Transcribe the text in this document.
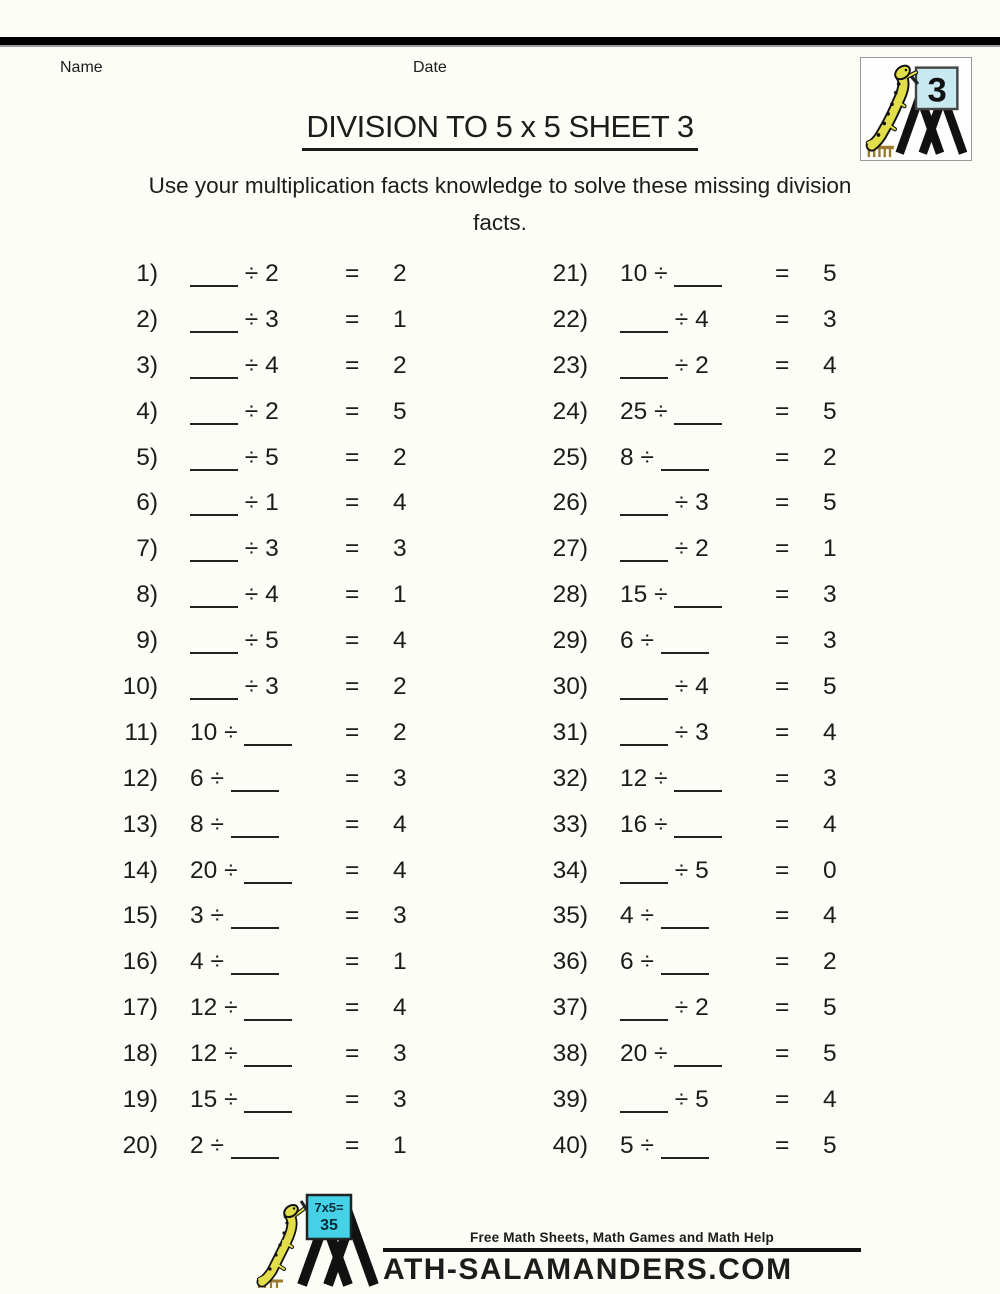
Name	Date
3
DIVISION TO 5 x 5 SHEET 3
Use your multiplication facts knowledge to solve these missing division
facts.
1)	÷ 2	=	2
2)	÷ 3	=	1
3)	÷ 4	=	2
4)	÷ 2	=	5
5)	÷ 5	=	2
6)	÷ 1	=	4
7)	÷ 3	=	3
8)	÷ 4	=	1
9)	÷ 5	=	4
10)	÷ 3	=	2
11)	10 ÷	=	2
12)	6 ÷	=	3
13)	8 ÷	=	4
14)	20 ÷	=	4
15)	3 ÷	=	3
16)	4 ÷	=	1
17)	12 ÷	=	4
18)	12 ÷	=	3
19)	15 ÷	=	3
20)	2 ÷	=	1
21)	10 ÷	=	5
22)	÷ 4	=	3
23)	÷ 2	=	4
24)	25 ÷	=	5
25)	8 ÷	=	2
26)	÷ 3	=	5
27)	÷ 2	=	1
28)	15 ÷	=	3
29)	6 ÷	=	3
30)	÷ 4	=	5
31)	÷ 3	=	4
32)	12 ÷	=	3
33)	16 ÷	=	4
34)	÷ 5	=	0
35)	4 ÷	=	4
36)	6 ÷	=	2
37)	÷ 2	=	5
38)	20 ÷	=	5
39)	÷ 5	=	4
40)	5 ÷	=	5
7x5=
35
Free Math Sheets, Math Games and Math Help
ATH-SALAMANDERS.COM
